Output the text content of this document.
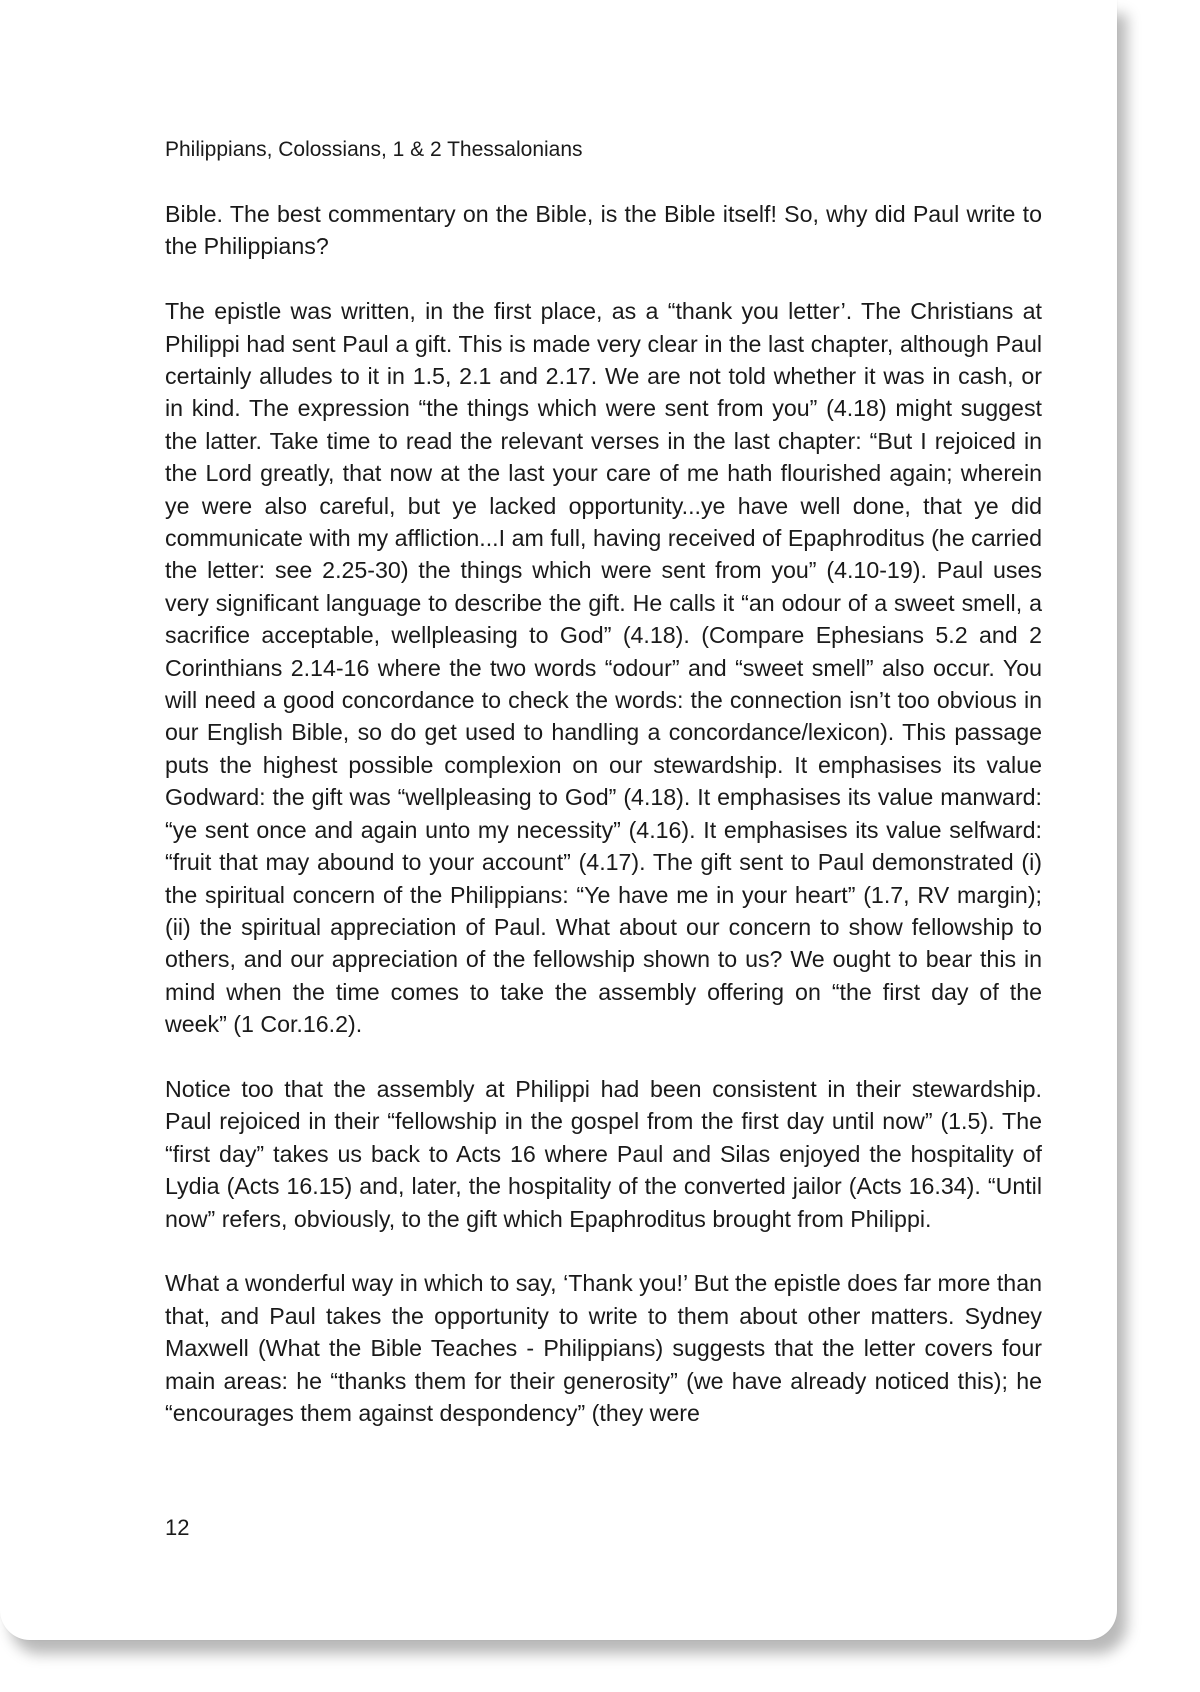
Philippians, Colossians, 1 & 2 Thessalonians

Bible. The best commentary on the Bible, is the Bible itself! So, why did Paul write to the Philippians?

The epistle was written, in the first place, as a “thank you letter’. The Christians at Philippi had sent Paul a gift. This is made very clear in the last chapter, although Paul certainly alludes to it in 1.5, 2.1 and 2.17. We are not told whether it was in cash, or in kind. The expression “the things which were sent from you” (4.18) might suggest the latter. Take time to read the relevant verses in the last chapter: “But I rejoiced in the Lord greatly, that now at the last your care of me hath flourished again; wherein ye were also careful, but ye lacked opportunity...ye have well done, that ye did communicate with my affliction...I am full, having received of Epaphroditus (he carried the letter: see 2.25-30) the things which were sent from you” (4.10-19). Paul uses very significant language to describe the gift. He calls it “an odour of a sweet smell, a sacrifice acceptable, wellpleasing to God” (4.18). (Compare Ephesians 5.2 and 2 Corinthians 2.14-16 where the two words “odour” and “sweet smell” also occur. You will need a good concordance to check the words: the connection isn’t too obvious in our English Bible, so do get used to handling a concordance/lexicon). This passage puts the highest possible complexion on our stewardship. It emphasises its value Godward: the gift was “wellpleasing to God” (4.18). It emphasises its value manward: “ye sent once and again unto my necessity” (4.16). It emphasises its value selfward: “fruit that may abound to your account” (4.17). The gift sent to Paul demonstrated (i) the spiritual concern of the Philippians: “Ye have me in your heart” (1.7, RV margin); (ii) the spiritual appreciation of Paul. What about our concern to show fellowship to others, and our appreciation of the fellowship shown to us? We ought to bear this in mind when the time comes to take the assembly offering on “the first day of the week” (1 Cor.16.2).

Notice too that the assembly at Philippi had been consistent in their stewardship. Paul rejoiced in their “fellowship in the gospel from the first day until now” (1.5). The “first day” takes us back to Acts 16 where Paul and Silas enjoyed the hospitality of Lydia (Acts 16.15) and, later, the hospitality of the converted jailor (Acts 16.34). “Until now” refers, obviously, to the gift which Epaphroditus brought from Philippi.

What a wonderful way in which to say, ‘Thank you!’ But the epistle does far more than that, and Paul takes the opportunity to write to them about other matters. Sydney Maxwell (What the Bible Teaches - Philippians) suggests that the letter covers four main areas: he “thanks them for their generosity” (we have already noticed this); he “encourages them against despondency” (they were

12
